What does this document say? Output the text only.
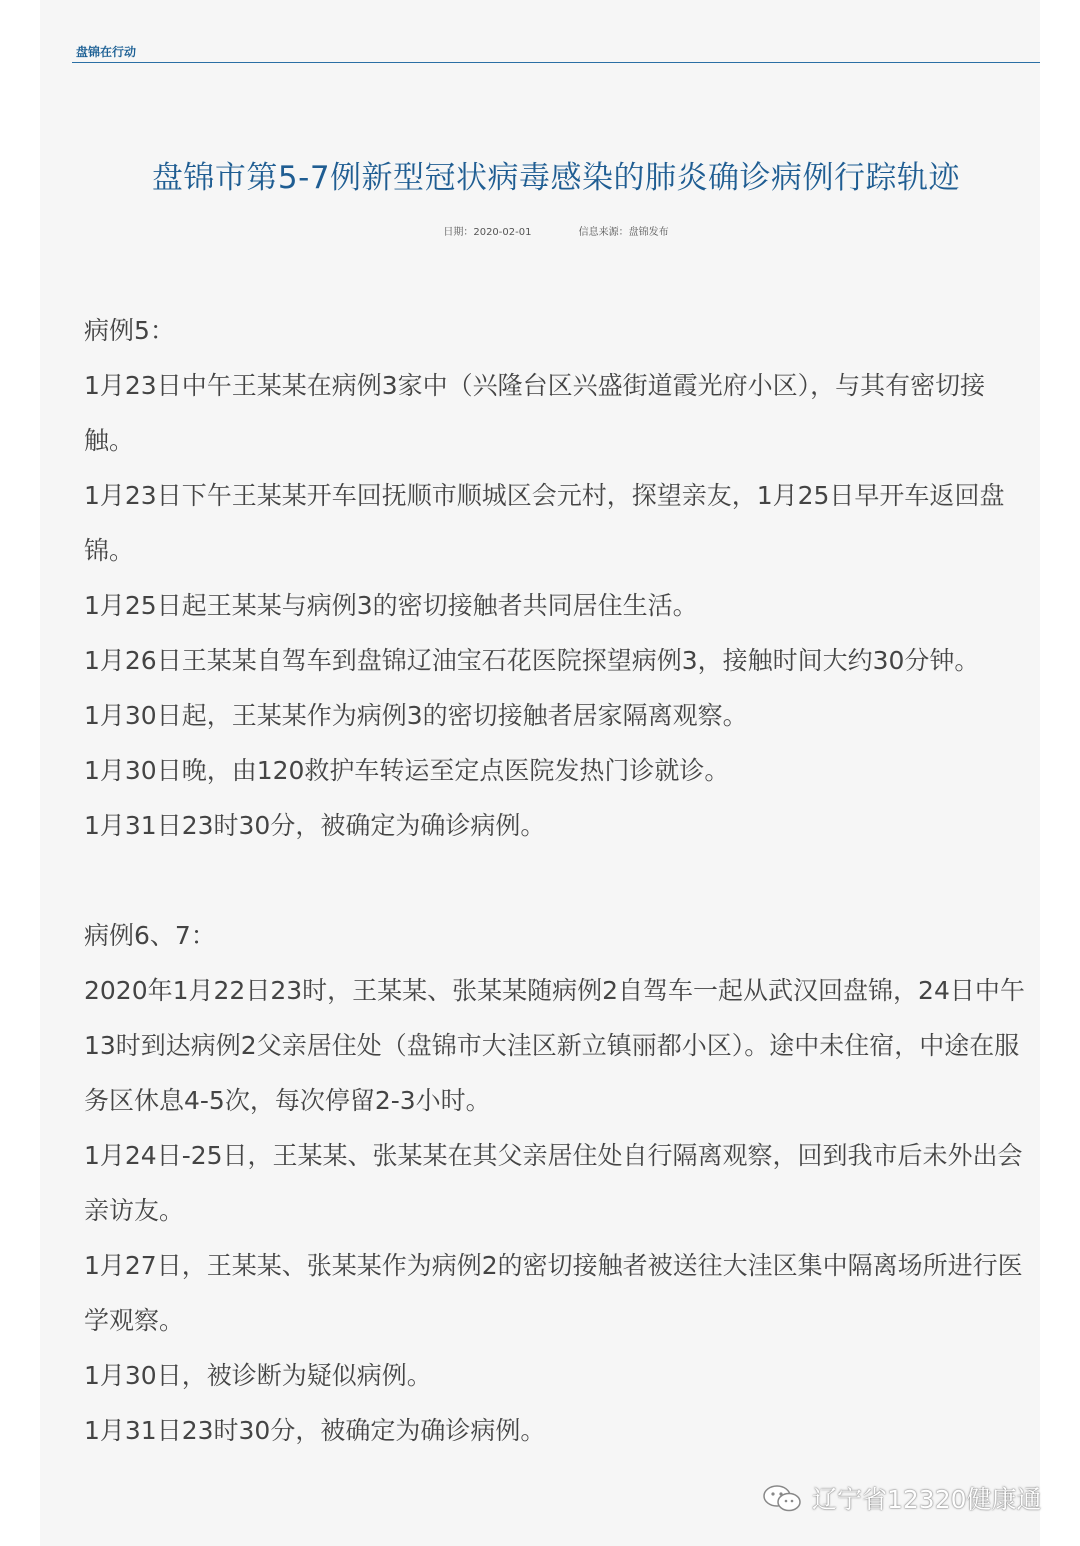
盘锦在行动
盘锦市第5-7例新型冠状病毒感染的肺炎确诊病例行踪轨迹
日期：2020-02-01	信息来源：盘锦发布

病例5：

1月23日中午王某某在病例3家中（兴隆台区兴盛街道霞光府小区），与其有密切接触。

1月23日下午王某某开车回抚顺市顺城区会元村，探望亲友，1月25日早开车返回盘锦。

1月25日起王某某与病例3的密切接触者共同居住生活。

1月26日王某某自驾车到盘锦辽油宝石花医院探望病例3，接触时间大约30分钟。

1月30日起，王某某作为病例3的密切接触者居家隔离观察。

1月30日晚，由120救护车转运至定点医院发热门诊就诊。

1月31日23时30分，被确定为确诊病例。

病例6、7：

2020年1月22日23时，王某某、张某某随病例2自驾车一起从武汉回盘锦，24日中午13时到达病例2父亲居住处（盘锦市大洼区新立镇丽都小区）。途中未住宿，中途在服务区休息4-5次，每次停留2-3小时。

1月24日-25日，王某某、张某某在其父亲居住处自行隔离观察，回到我市后未外出会亲访友。

1月27日，王某某、张某某作为病例2的密切接触者被送往大洼区集中隔离场所进行医学观察。

1月30日，被诊断为疑似病例。

1月31日23时30分，被确定为确诊病例。

辽宁省12320健康通
